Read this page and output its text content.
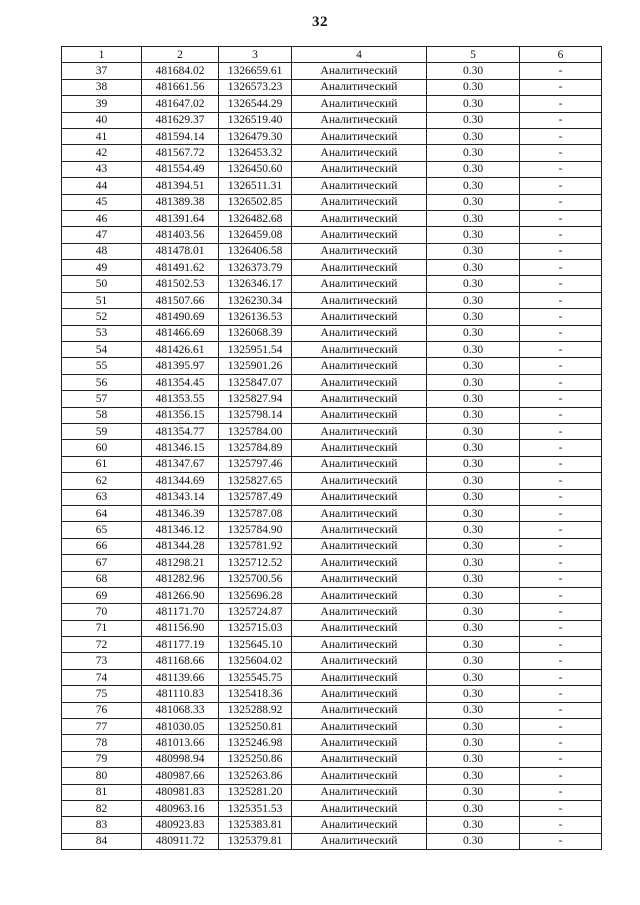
32
1	2	3	4	5	6
37	481684.02	1326659.61	Аналитический	0.30	-
38	481661.56	1326573.23	Аналитический	0.30	-
39	481647.02	1326544.29	Аналитический	0.30	-
40	481629.37	1326519.40	Аналитический	0.30	-
41	481594.14	1326479.30	Аналитический	0.30	-
42	481567.72	1326453.32	Аналитический	0.30	-
43	481554.49	1326450.60	Аналитический	0.30	-
44	481394.51	1326511.31	Аналитический	0.30	-
45	481389.38	1326502.85	Аналитический	0.30	-
46	481391.64	1326482.68	Аналитический	0.30	-
47	481403.56	1326459.08	Аналитический	0.30	-
48	481478.01	1326406.58	Аналитический	0.30	-
49	481491.62	1326373.79	Аналитический	0.30	-
50	481502.53	1326346.17	Аналитический	0.30	-
51	481507.66	1326230.34	Аналитический	0.30	-
52	481490.69	1326136.53	Аналитический	0.30	-
53	481466.69	1326068.39	Аналитический	0.30	-
54	481426.61	1325951.54	Аналитический	0.30	-
55	481395.97	1325901.26	Аналитический	0.30	-
56	481354.45	1325847.07	Аналитический	0.30	-
57	481353.55	1325827.94	Аналитический	0.30	-
58	481356.15	1325798.14	Аналитический	0.30	-
59	481354.77	1325784.00	Аналитический	0.30	-
60	481346.15	1325784.89	Аналитический	0.30	-
61	481347.67	1325797.46	Аналитический	0.30	-
62	481344.69	1325827.65	Аналитический	0.30	-
63	481343.14	1325787.49	Аналитический	0.30	-
64	481346.39	1325787.08	Аналитический	0.30	-
65	481346.12	1325784.90	Аналитический	0.30	-
66	481344.28	1325781.92	Аналитический	0.30	-
67	481298.21	1325712.52	Аналитический	0.30	-
68	481282.96	1325700.56	Аналитический	0.30	-
69	481266.90	1325696.28	Аналитический	0.30	-
70	481171.70	1325724.87	Аналитический	0.30	-
71	481156.90	1325715.03	Аналитический	0.30	-
72	481177.19	1325645.10	Аналитический	0.30	-
73	481168.66	1325604.02	Аналитический	0.30	-
74	481139.66	1325545.75	Аналитический	0.30	-
75	481110.83	1325418.36	Аналитический	0.30	-
76	481068.33	1325288.92	Аналитический	0.30	-
77	481030.05	1325250.81	Аналитический	0.30	-
78	481013.66	1325246.98	Аналитический	0.30	-
79	480998.94	1325250.86	Аналитический	0.30	-
80	480987.66	1325263.86	Аналитический	0.30	-
81	480981.83	1325281.20	Аналитический	0.30	-
82	480963.16	1325351.53	Аналитический	0.30	-
83	480923.83	1325383.81	Аналитический	0.30	-
84	480911.72	1325379.81	Аналитический	0.30	-
